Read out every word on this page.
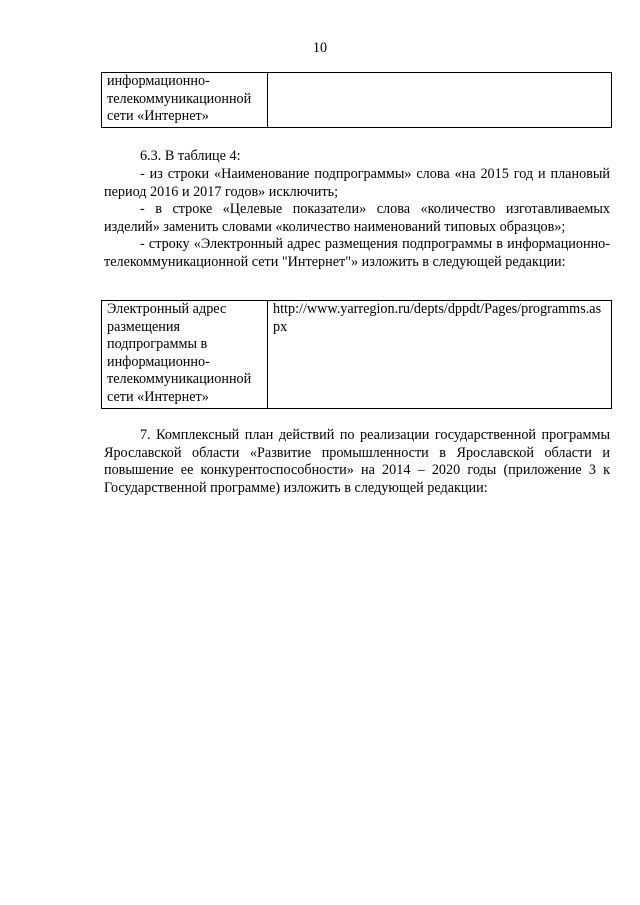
10
информационно-
телекоммуникационной
сети «Интернет»

6.3. В таблице 4:

- из строки «Наименование подпрограммы» слова «на 2015 год и плановый период 2016 и 2017 годов» исключить;

- в строке «Целевые показатели» слова «количество изготавливаемых изделий» заменить словами «количество наименований типовых образцов»;

- строку «Электронный адрес размещения подпрограммы в информационно-телекоммуникационной сети "Интернет"» изложить в следующей редакции:

Электронный адрес
размещения
подпрограммы в
информационно-
телекоммуникационной
сети «Интернет»
	http://www.yarregion.ru/depts/dppdt/Pages/programms.aspx

7. Комплексный план действий по реализации государственной программы Ярославской области «Развитие промышленности в Ярославской области и повышение ее конкурентоспособности» на 2014 – 2020 годы (приложение 3 к Государственной программе) изложить в следующей редакции:
